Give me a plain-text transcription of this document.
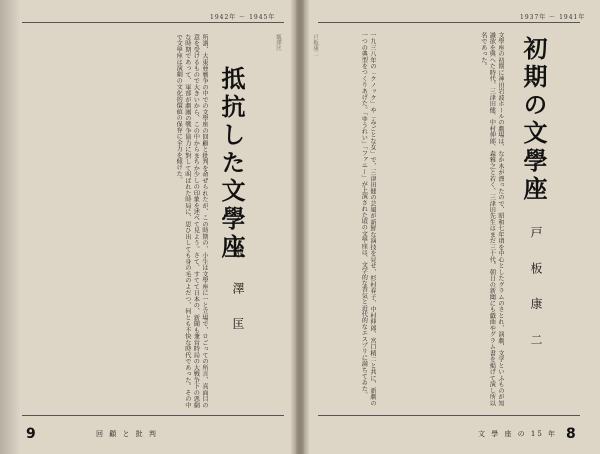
1942年 〜 1945年	1937年 〜 1941年
初期の文學座
戸 板 康 二
文學座の初期に神田岩波ホールの劇場は、なか木が漂ったので、昭和七年頃を中心としたグラムのさとれ、演劇、文学といふものが知識欲を與へた時代、三津田健、中村伸郎、森雅之と若く、三津田先生はまだ三十代、朝日の新聞にも戯曲やグラム書を掲げて演し所以名であった。
一九三八年の「クノック」や「みごとな女」で、三津田健の芸風が新鮮な演技を見せ、杉村春子、中村伸郎、宮口精二と共に、新劇の一つの典型をつくりあげた。「ゆうれい」「ファニー」が上演された頃の文學座は、文学的な香気と近代的なエスプリに満ちてゐた。
戸板康二
抵抗した文學座
飯 澤 匡
所謂、大東亜戦争の中での文學座の回顧と批判を命ぜられたが、この時期の、小生は文學座に一と立場で、ロごっての所言、真面目の意を受けるもので大きいから、この中からまちか少しの印象を述べて見よう。さて、すてて日本の、新聞も兼営時局の大戦争下の悪劇な時期であって、軍部が劇團の戦争協力に對して叫ばれた時局に、思ひ出しても身の毛のよだつ、何とも不快な時代であった。その中で文學座は演劇の文化的價値の保存に全力を傾けた。	飯澤匡
9	8
回 顧 と 批 判	文 學 座 の 15 年
